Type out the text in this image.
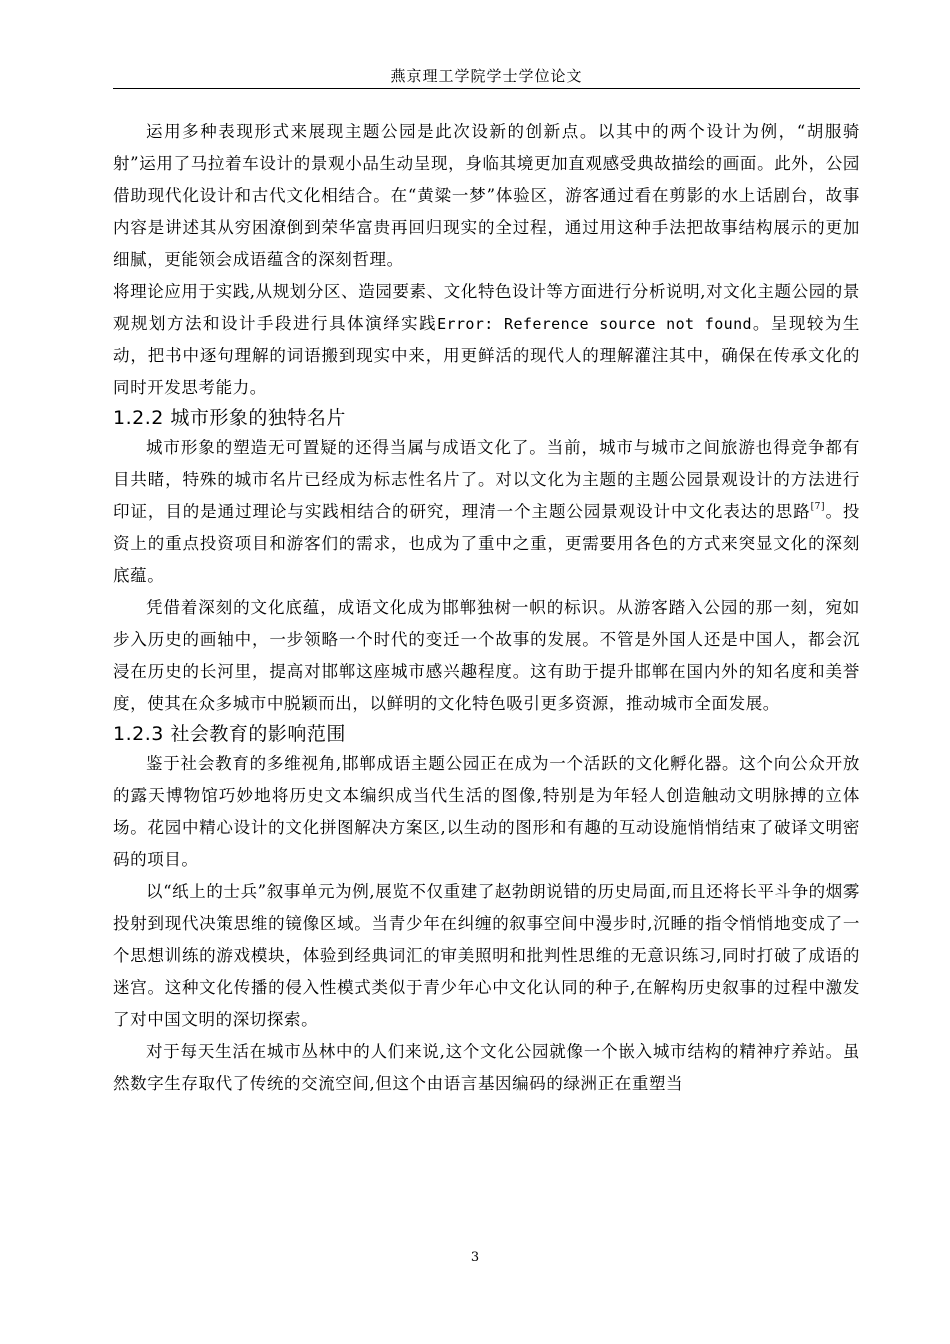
燕京理工学院学士学位论文

运用多种表现形式来展现主题公园是此次设新的创新点。以其中的两个设计为例，“胡服骑射”运用了马拉着车设计的景观小品生动呈现，身临其境更加直观感受典故描绘的画面。此外，公园借助现代化设计和古代文化相结合。在“黄粱一梦”体验区，游客通过看在剪影的水上话剧台，故事内容是讲述其从穷困潦倒到荣华富贵再回归现实的全过程，通过用这种手法把故事结构展示的更加细腻，更能领会成语蕴含的深刻哲理。

将理论应用于实践,从规划分区、造园要素、文化特色设计等方面进行分析说明,对文化主题公园的景观规划方法和设计手段进行具体演绎实践Error: Reference source not found。呈现较为生动，把书中逐句理解的词语搬到现实中来，用更鲜活的现代人的理解灌注其中，确保在传承文化的同时开发思考能力。

1.2.2 城市形象的独特名片

城市形象的塑造无可置疑的还得当属与成语文化了。当前，城市与城市之间旅游也得竞争都有目共睹，特殊的城市名片已经成为标志性名片了。对以文化为主题的主题公园景观设计的方法进行印证，目的是通过理论与实践相结合的研究，理清一个主题公园景观设计中文化表达的思路[7]。投资上的重点投资项目和游客们的需求，也成为了重中之重，更需要用各色的方式来突显文化的深刻底蕴。

凭借着深刻的文化底蕴，成语文化成为邯郸独树一帜的标识。从游客踏入公园的那一刻，宛如步入历史的画轴中，一步领略一个时代的变迁一个故事的发展。不管是外国人还是中国人，都会沉浸在历史的长河里，提高对邯郸这座城市感兴趣程度。这有助于提升邯郸在国内外的知名度和美誉度，使其在众多城市中脱颖而出，以鲜明的文化特色吸引更多资源，推动城市全面发展。

1.2.3 社会教育的影响范围

鉴于社会教育的多维视角,邯郸成语主题公园正在成为一个活跃的文化孵化器。这个向公众开放的露天博物馆巧妙地将历史文本编织成当代生活的图像,特别是为年轻人创造触动文明脉搏的立体场。花园中精心设计的文化拼图解决方案区,以生动的图形和有趣的互动设施悄悄结束了破译文明密码的项目。

以“纸上的士兵”叙事单元为例,展览不仅重建了赵勃朗说错的历史局面,而且还将长平斗争的烟雾投射到现代决策思维的镜像区域。当青少年在纠缠的叙事空间中漫步时,沉睡的指令悄悄地变成了一个思想训练的游戏模块，体验到经典词汇的审美照明和批判性思维的无意识练习,同时打破了成语的迷宫。这种文化传播的侵入性模式类似于青少年心中文化认同的种子,在解构历史叙事的过程中激发了对中国文明的深切探索。

对于每天生活在城市丛林中的人们来说,这个文化公园就像一个嵌入城市结构的精神疗养站。虽然数字生存取代了传统的交流空间,但这个由语言基因编码的绿洲正在重塑当

3
